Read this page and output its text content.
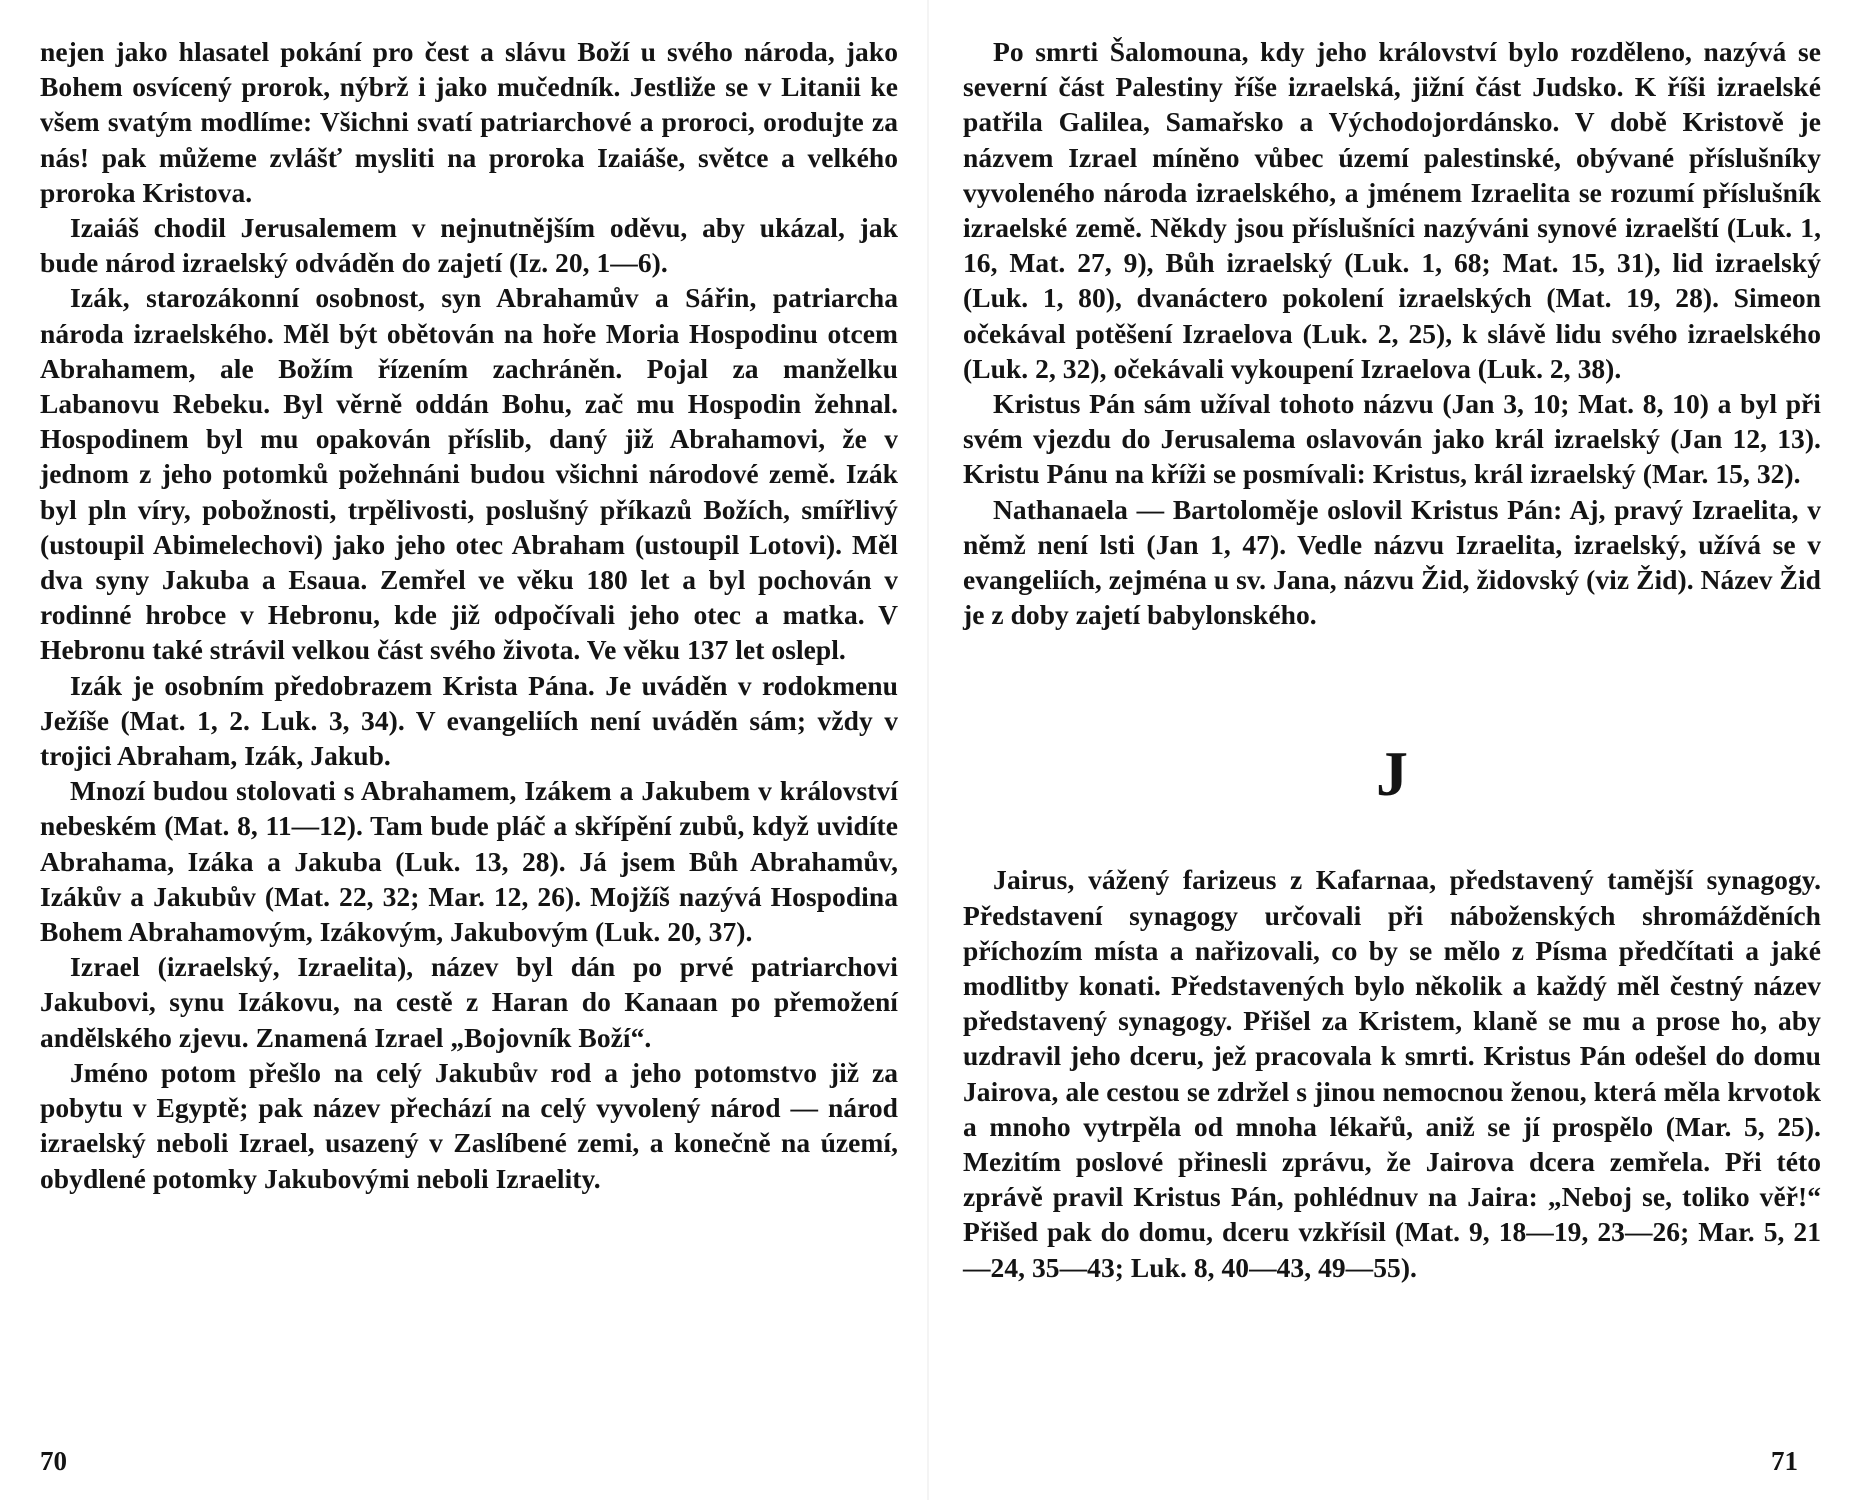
nejen jako hlasatel pokání pro čest a slávu Boží u svého národa, jako Bohem osvícený prorok, nýbrž i jako mučedník. Jestliže se v Litanii ke všem svatým modlíme: Všichni svatí patriarchové a proroci, orodujte za nás! pak můžeme zvlášť mysliti na proroka Izaiáše, světce a velkého proroka Kristova.

Izaiáš chodil Jerusalemem v nejnutnějším oděvu, aby ukázal, jak bude národ izraelský odváděn do zajetí (Iz. 20, 1—6).

Izák, starozákonní osobnost, syn Abrahamův a Sářin, patriarcha národa izraelského. Měl být obětován na hoře Moria Hospodinu otcem Abrahamem, ale Božím řízením zachráněn. Pojal za manželku Labanovu Rebeku. Byl věrně oddán Bohu, zač mu Hospodin žehnal. Hospodinem byl mu opakován příslib, daný již Abrahamovi, že v jednom z jeho potomků požehnáni budou všichni národové země. Izák byl pln víry, pobožnosti, trpělivosti, poslušný příkazů Božích, smířlivý (ustoupil Abimelechovi) jako jeho otec Abraham (ustoupil Lotovi). Měl dva syny Jakuba a Esaua. Zemřel ve věku 180 let a byl pochován v rodinné hrobce v Hebronu, kde již odpočívali jeho otec a matka. V Hebronu také strávil velkou část svého života. Ve věku 137 let oslepl.

Izák je osobním předobrazem Krista Pána. Je uváděn v rodokmenu Ježíše (Mat. 1, 2. Luk. 3, 34). V evangeliích není uváděn sám; vždy v trojici Abraham, Izák, Jakub.

Mnozí budou stolovati s Abrahamem, Izákem a Jakubem v království nebeském (Mat. 8, 11—12). Tam bude pláč a skřípění zubů, když uvidíte Abrahama, Izáka a Jakuba (Luk. 13, 28). Já jsem Bůh Abrahamův, Izákův a Jakubův (Mat. 22, 32; Mar. 12, 26). Mojžíš nazývá Hospodina Bohem Abrahamovým, Izákovým, Jakubovým (Luk. 20, 37).

Izrael (izraelský, Izraelita), název byl dán po prvé patriarchovi Jakubovi, synu Izákovu, na cestě z Haran do Kanaan po přemožení andělského zjevu. Znamená Izrael „Bojovník Boží“.

Jméno potom přešlo na celý Jakubův rod a jeho potomstvo již za pobytu v Egyptě; pak název přechází na celý vyvolený národ — národ izraelský neboli Izrael, usazený v Zaslíbené zemi, a konečně na území, obydlené potomky Jakubovými neboli Izraelity.

70

Po smrti Šalomouna, kdy jeho království bylo rozděleno, nazývá se severní část Palestiny říše izraelská, jižní část Judsko. K říši izraelské patřila Galilea, Samařsko a Východojordánsko. V době Kristově je názvem Izrael míněno vůbec území palestinské, obývané příslušníky vyvoleného národa izraelského, a jménem Izraelita se rozumí příslušník izraelské země. Někdy jsou příslušníci nazýváni synové izraelští (Luk. 1, 16, Mat. 27, 9), Bůh izraelský (Luk. 1, 68; Mat. 15, 31), lid izraelský (Luk. 1, 80), dvanáctero pokolení izraelských (Mat. 19, 28). Simeon očekával potěšení Izraelova (Luk. 2, 25), k slávě lidu svého izraelského (Luk. 2, 32), očekávali vykoupení Izraelova (Luk. 2, 38).

Kristus Pán sám užíval tohoto názvu (Jan 3, 10; Mat. 8, 10) a byl při svém vjezdu do Jerusalema oslavován jako král izraelský (Jan 12, 13). Kristu Pánu na kříži se posmívali: Kristus, král izraelský (Mar. 15, 32).

Nathanaela — Bartoloměje oslovil Kristus Pán: Aj, pravý Izraelita, v němž není lsti (Jan 1, 47). Vedle názvu Izraelita, izraelský, užívá se v evangeliích, zejména u sv. Jana, názvu Žid, židovský (viz Žid). Název Žid je z doby zajetí babylonského.

J

Jairus, vážený farizeus z Kafarnaa, představený tamější synagogy. Představení synagogy určovali při náboženských shromážděních příchozím místa a nařizovali, co by se mělo z Písma předčítati a jaké modlitby konati. Představených bylo několik a každý měl čestný název představený synagogy. Přišel za Kristem, klaně se mu a prose ho, aby uzdravil jeho dceru, jež pracovala k smrti. Kristus Pán odešel do domu Jairova, ale cestou se zdržel s jinou nemocnou ženou, která měla krvotok a mnoho vytrpěla od mnoha lékařů, aniž se jí prospělo (Mar. 5, 25). Mezitím poslové přinesli zprávu, že Jairova dcera zemřela. Při této zprávě pravil Kristus Pán, pohlédnuv na Jaira: „Neboj se, toliko věř!“ Přišed pak do domu, dceru vzkřísil (Mat. 9, 18—19, 23—26; Mar. 5, 21—24, 35—43; Luk. 8, 40—43, 49—55).

71
